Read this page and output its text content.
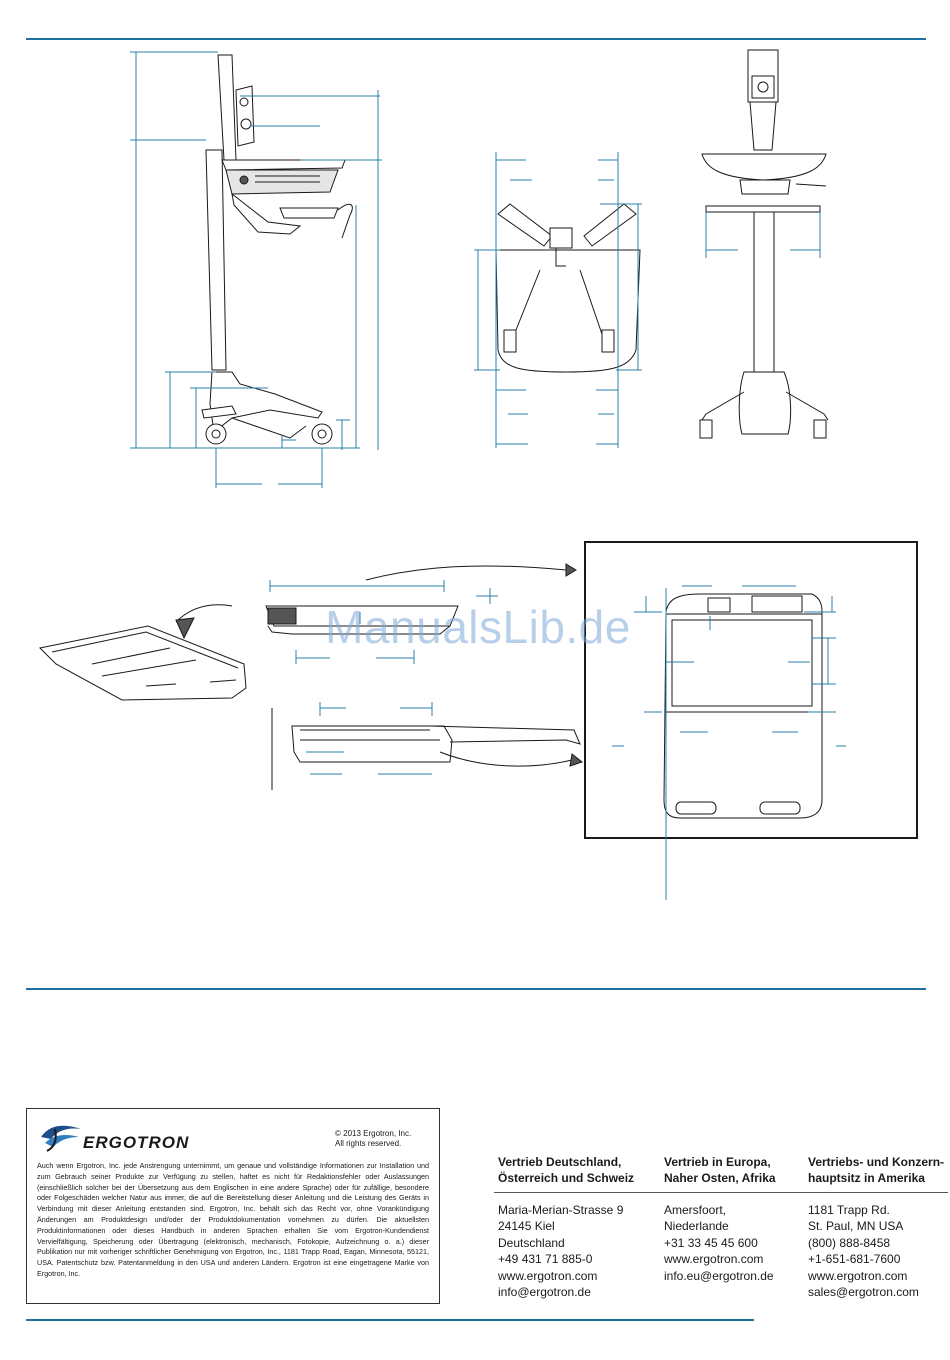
ManualsLib.de
ERGOTRON	© 2013 Ergotron, Inc.
All rights reserved.
Auch wenn Ergotron, Inc. jede Anstrengung unternimmt, um genaue und vollständige Informationen zur Installation und zum Gebrauch seiner Produkte zur Verfügung zu stellen, haftet es nicht für Redaktionsfehler oder Auslassungen (einschließlich solcher bei der Übersetzung aus dem Englischen in eine andere Sprache) oder für zufällige, besondere oder Folgeschäden welcher Natur aus immer, die auf die Bereitstellung dieser Anleitung und die Leistung des Geräts in Verbindung mit dieser Anleitung entstanden sind. Ergotron, Inc. behält sich das Recht vor, ohne Vorankündigung Änderungen am Produktdesign und/oder der Produktdokumentation vornehmen zu dürfen. Die aktuellsten Produktinformationen oder dieses Handbuch in anderen Sprachen erhalten Sie vom Ergotron-Kundendienst Vervielfältigung, Speicherung oder Übertragung (elektronisch, mechanisch, Fotokopie, Aufzeichnung o. a.) dieser Publikation nur mit vorheriger schriftlicher Genehmigung von Ergotron, Inc., 1181 Trapp Road, Eagan, Minnesota, 55121, USA. Patentschutz bzw. Patentanmeldung in den USA und anderen Ländern. Ergotron ist eine eingetragene Marke von Ergotron, Inc.
Vertrieb Deutschland,
Österreich und Schweiz
Maria-Merian-Strasse 9
24145 Kiel
Deutschland
+49 431 71 885-0
www.ergotron.com
info@ergotron.de
Vertrieb in Europa,
Naher Osten, Afrika
Amersfoort, Niederlande
+31 33 45 45 600
www.ergotron.com
info.eu@ergotron.de
Vertriebs- und Konzern-
hauptsitz in Amerika
1181 Trapp Rd.
St. Paul, MN USA
(800) 888-8458
+1-651-681-7600
www.ergotron.com
sales@ergotron.com
